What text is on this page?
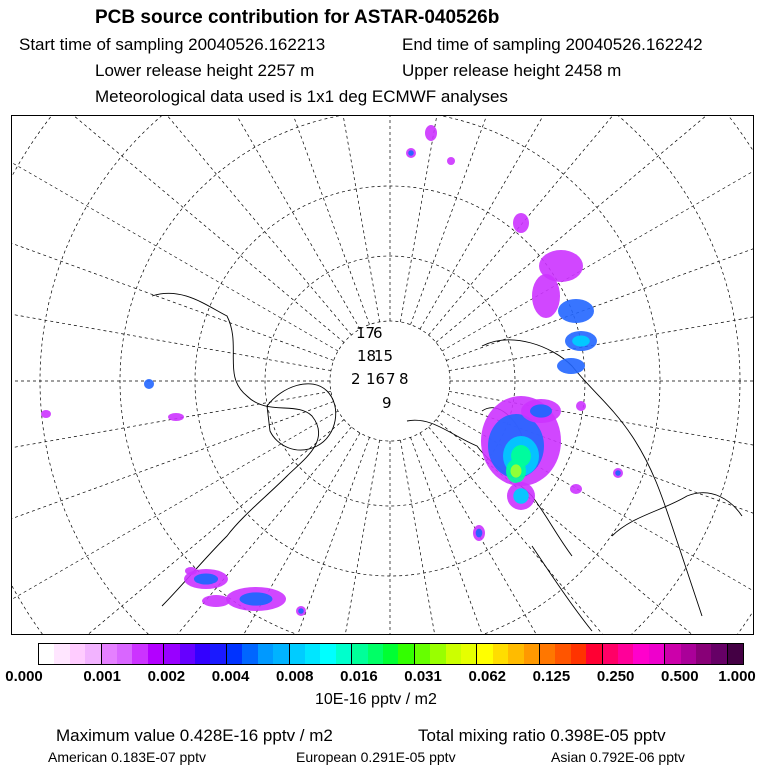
PCB source contribution for ASTAR-040526b
Start time of sampling 20040526.162213	End time of sampling 20040526.162242
Lower release height 2257 m	Upper release height 2458 m
Meteorological data used is 1x1 deg ECMWF analyses
17
6
18
15
2 16 7 8
9
0.000	0.001 0.002 0.004 0.008 0.016 0.031 0.062 0.125 0.250 0.500 1.000
10E-16 pptv / m2
Maximum value 0.428E-16 pptv / m2	Total mixing ratio 0.398E-05 pptv
American 0.183E-07 pptv	European 0.291E-05 pptv	Asian 0.792E-06 pptv
